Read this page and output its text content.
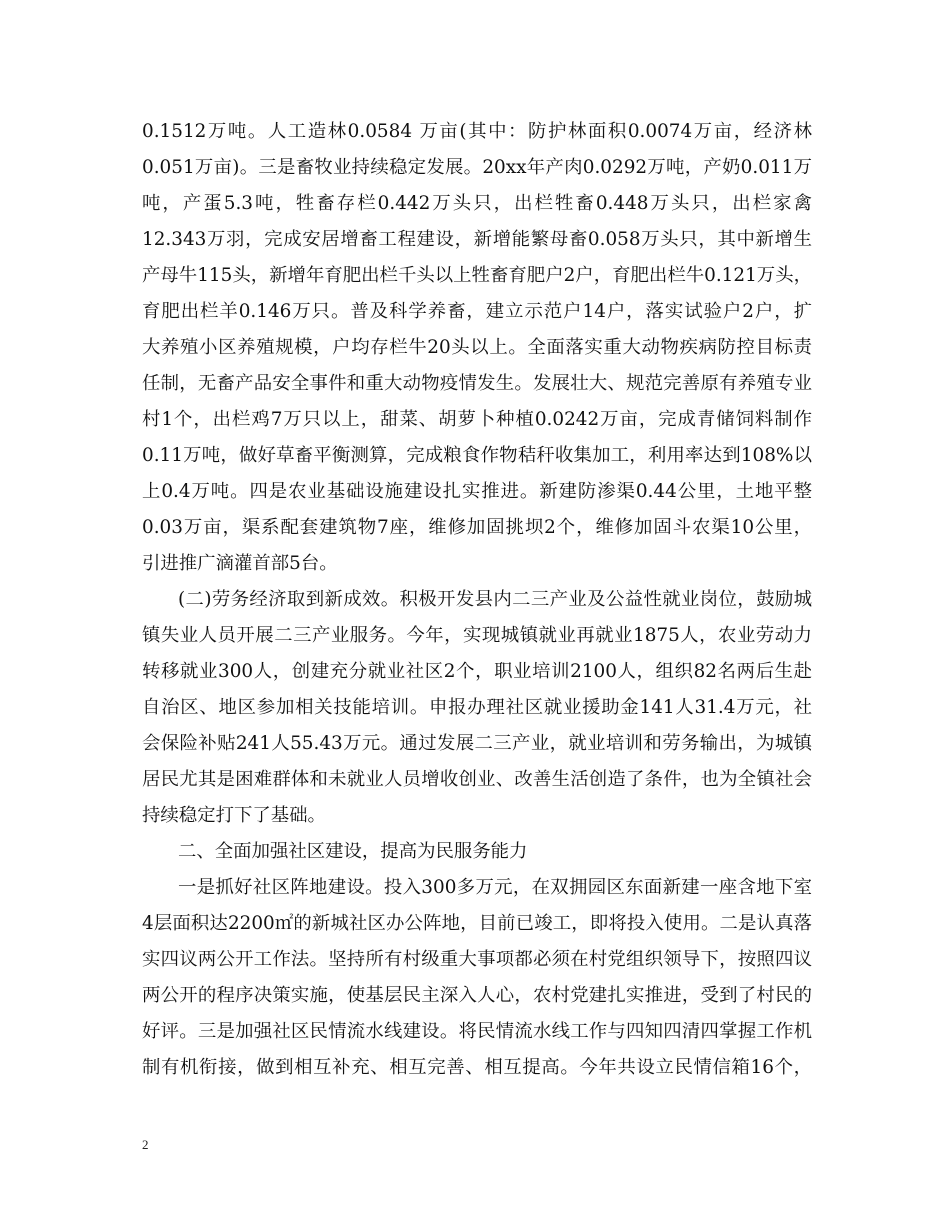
0.1512万吨。人工造林0.0584 万亩(其中：防护林面积0.0074万亩，经济林
0.051万亩)。三是畜牧业持续稳定发展。20xx年产肉0.0292万吨，产奶0.011万
吨，产蛋5.3吨，牲畜存栏0.442万头只，出栏牲畜0.448万头只，出栏家禽
12.343万羽，完成安居增畜工程建设，新增能繁母畜0.058万头只，其中新增生
产母牛115头，新增年育肥出栏千头以上牲畜育肥户2户，育肥出栏牛0.121万头，
育肥出栏羊0.146万只。普及科学养畜，建立示范户14户，落实试验户2户，扩
大养殖小区养殖规模，户均存栏牛20头以上。全面落实重大动物疾病防控目标责
任制，无畜产品安全事件和重大动物疫情发生。发展壮大、规范完善原有养殖专业
村1个，出栏鸡7万只以上，甜菜、胡萝卜种植0.0242万亩，完成青储饲料制作
0.11万吨，做好草畜平衡测算，完成粮食作物秸秆收集加工，利用率达到108%以
上0.4万吨。四是农业基础设施建设扎实推进。新建防渗渠0.44公里，土地平整
0.03万亩，渠系配套建筑物7座，维修加固挑坝2个，维修加固斗农渠10公里，
引进推广滴灌首部5台。
(二)劳务经济取到新成效。积极开发县内二三产业及公益性就业岗位，鼓励城
镇失业人员开展二三产业服务。今年，实现城镇就业再就业1875人，农业劳动力
转移就业300人，创建充分就业社区2个，职业培训2100人，组织82名两后生赴
自治区、地区参加相关技能培训。申报办理社区就业援助金141人31.4万元，社
会保险补贴241人55.43万元。通过发展二三产业，就业培训和劳务输出，为城镇
居民尤其是困难群体和未就业人员增收创业、改善生活创造了条件，也为全镇社会
持续稳定打下了基础。
二、全面加强社区建设，提高为民服务能力
一是抓好社区阵地建设。投入300多万元，在双拥园区东面新建一座含地下室
4层面积达2200㎡的新城社区办公阵地，目前已竣工，即将投入使用。二是认真落
实四议两公开工作法。坚持所有村级重大事项都必须在村党组织领导下，按照四议
两公开的程序决策实施，使基层民主深入人心，农村党建扎实推进，受到了村民的
好评。三是加强社区民情流水线建设。将民情流水线工作与四知四清四掌握工作机
制有机衔接，做到相互补充、相互完善、相互提高。今年共设立民情信箱16个，
2
